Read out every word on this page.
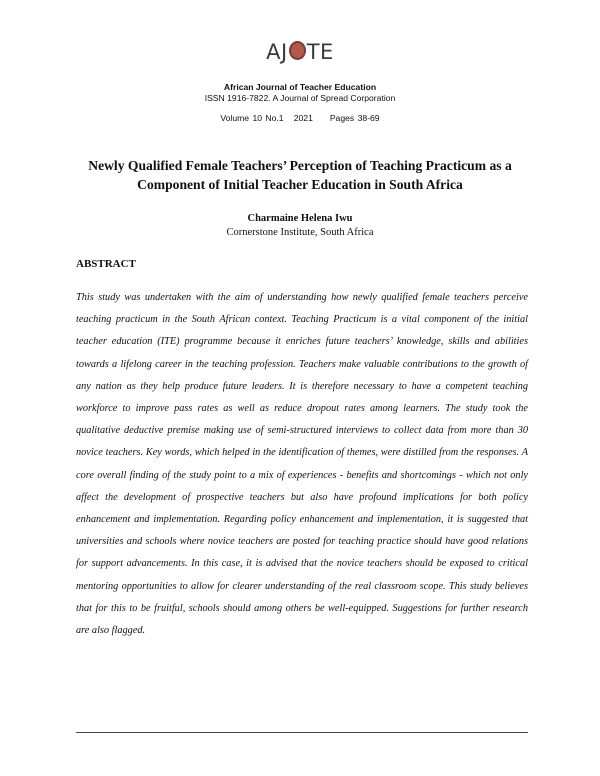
AJ TE
African Journal of Teacher Education
ISSN 1916-7822. A Journal of Spread Corporation
Volume 10 No.1 2021 Pages 38-69
Newly Qualified Female Teachers’ Perception of Teaching Practicum as a Component of Initial Teacher Education in South Africa
Charmaine Helena Iwu
Cornerstone Institute, South Africa
ABSTRACT
This study was undertaken with the aim of understanding how newly qualified female teachers perceive teaching practicum in the South African context. Teaching Practicum is a vital component of the initial teacher education (ITE) programme because it enriches future teachers’ knowledge, skills and abilities towards a lifelong career in the teaching profession. Teachers make valuable contributions to the growth of any nation as they help produce future leaders. It is therefore necessary to have a competent teaching workforce to improve pass rates as well as reduce dropout rates among learners. The study took the qualitative deductive premise making use of semi-structured interviews to collect data from more than 30 novice teachers. Key words, which helped in the identification of themes, were distilled from the responses. A core overall finding of the study point to a mix of experiences - benefits and shortcomings - which not only affect the development of prospective teachers but also have profound implications for both policy enhancement and implementation. Regarding policy enhancement and implementation, it is suggested that universities and schools where novice teachers are posted for teaching practice should have good relations for support advancements. In this case, it is advised that the novice teachers should be exposed to critical mentoring opportunities to allow for clearer understanding of the real classroom scope. This study believes that for this to be fruitful, schools should among others be well-equipped. Suggestions for further research are also flagged.
